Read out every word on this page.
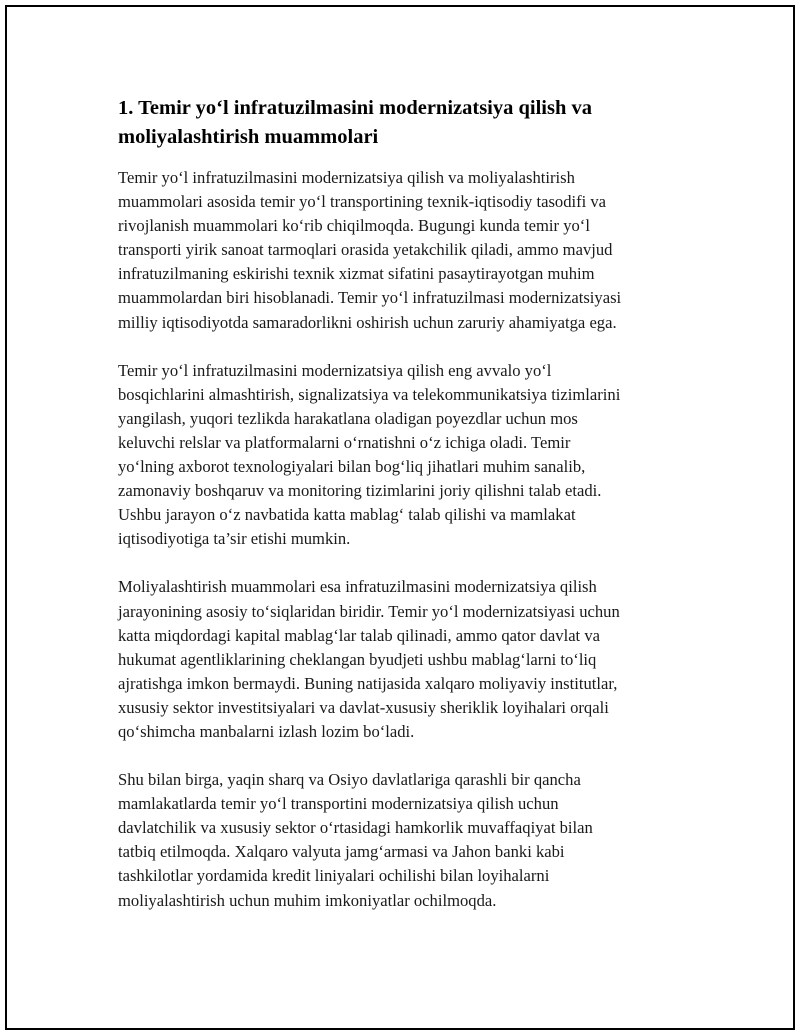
1. Temir yo‘l infratuzilmasini modernizatsiya qilish va
moliyalashtirish muammolari

Temir yo‘l infratuzilmasini modernizatsiya qilish va moliyalashtirish
muammolari asosida temir yo‘l transportining texnik-iqtisodiy tasodifi va
rivojlanish muammolari ko‘rib chiqilmoqda. Bugungi kunda temir yo‘l
transporti yirik sanoat tarmoqlari orasida yetakchilik qiladi, ammo mavjud
infratuzilmaning eskirishi texnik xizmat sifatini pasaytirayotgan muhim
muammolardan biri hisoblanadi. Temir yo‘l infratuzilmasi modernizatsiyasi
milliy iqtisodiyotda samaradorlikni oshirish uchun zaruriy ahamiyatga ega.

Temir yo‘l infratuzilmasini modernizatsiya qilish eng avvalo yo‘l
bosqichlarini almashtirish, signalizatsiya va telekommunikatsiya tizimlarini
yangilash, yuqori tezlikda harakatlana oladigan poyezdlar uchun mos
keluvchi relslar va platformalarni o‘rnatishni o‘z ichiga oladi. Temir
yo‘lning axborot texnologiyalari bilan bog‘liq jihatlari muhim sanalib,
zamonaviy boshqaruv va monitoring tizimlarini joriy qilishni talab etadi.
Ushbu jarayon o‘z navbatida katta mablag‘ talab qilishi va mamlakat
iqtisodiyotiga ta’sir etishi mumkin.

Moliyalashtirish muammolari esa infratuzilmasini modernizatsiya qilish
jarayonining asosiy to‘siqlaridan biridir. Temir yo‘l modernizatsiyasi uchun
katta miqdordagi kapital mablag‘lar talab qilinadi, ammo qator davlat va
hukumat agentliklarining cheklangan byudjeti ushbu mablag‘larni to‘liq
ajratishga imkon bermaydi. Buning natijasida xalqaro moliyaviy institutlar,
xususiy sektor investitsiyalari va davlat-xususiy sheriklik loyihalari orqali
qo‘shimcha manbalarni izlash lozim bo‘ladi.

Shu bilan birga, yaqin sharq va Osiyo davlatlariga qarashli bir qancha
mamlakatlarda temir yo‘l transportini modernizatsiya qilish uchun
davlatchilik va xususiy sektor o‘rtasidagi hamkorlik muvaffaqiyat bilan
tatbiq etilmoqda. Xalqaro valyuta jamg‘armasi va Jahon banki kabi
tashkilotlar yordamida kredit liniyalari ochilishi bilan loyihalarni
moliyalashtirish uchun muhim imkoniyatlar ochilmoqda.
